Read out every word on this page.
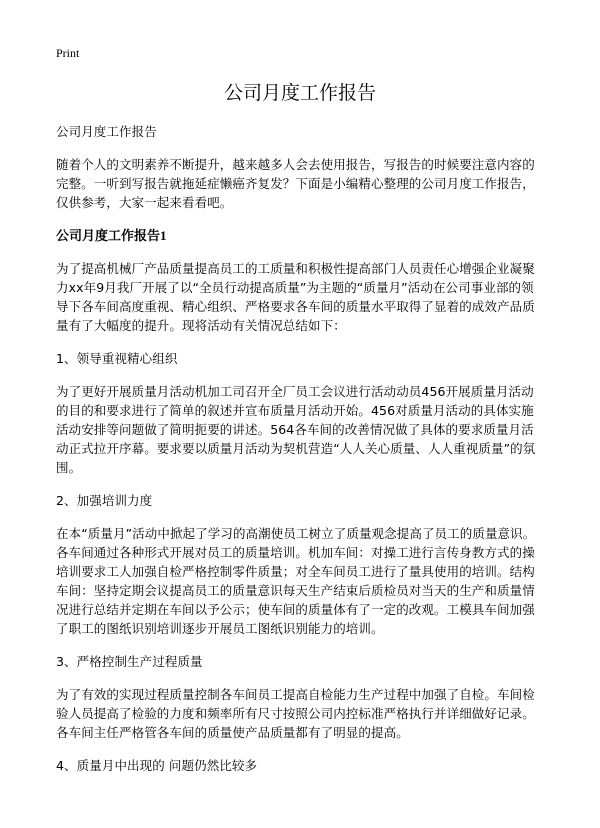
Print
公司月度工作报告

公司月度工作报告

随着个人的文明素养不断提升，越来越多人会去使用报告，写报告的时候要注意内容的完整。一听到写报告就拖延症懒癌齐复发？下面是小编精心整理的公司月度工作报告，仅供参考，大家一起来看看吧。

公司月度工作报告1

为了提高机械厂产品质量提高员工的工质量和积极性提高部门人员责任心增强企业凝聚力xx年9月我厂开展了以“全员行动提高质量”为主题的“质量月”活动在公司事业部的领导下各车间高度重视、精心组织、严格要求各车间的质量水平取得了显着的成效产品质量有了大幅度的提升。现将活动有关情况总结如下：

1、领导重视精心组织

为了更好开展质量月活动机加工司召开全厂员工会议进行活动动员456开展质量月活动的目的和要求进行了简单的叙述并宣布质量月活动开始。456对质量月活动的具体实施活动安排等问题做了简明扼要的讲述。564各车间的改善情况做了具体的要求质量月活动正式拉开序幕。要求要以质量月活动为契机营造“人人关心质量、人人重视质量”的氛围。

2、加强培训力度

在本“质量月”活动中掀起了学习的高潮使员工树立了质量观念提高了员工的质量意识。各车间通过各种形式开展对员工的质量培训。机加车间：对操工进行言传身教方式的操培训要求工人加强自检严格控制零件质量；对全车间员工进行了量具使用的培训。结构车间：坚持定期会议提高员工的质量意识每天生产结束后质检员对当天的生产和质量情况进行总结并定期在车间以予公示；使车间的质量体有了一定的改观。工模具车间加强了职工的图纸识别培训逐步开展员工图纸识别能力的培训。

3、严格控制生产过程质量

为了有效的实现过程质量控制各车间员工提高自检能力生产过程中加强了自检。车间检验人员提高了检验的力度和频率所有尺寸按照公司内控标准严格执行并详细做好记录。各车间主任严格管各车间的质量使产品质量都有了明显的提高。

4、质量月中出现的 问题仍然比较多
